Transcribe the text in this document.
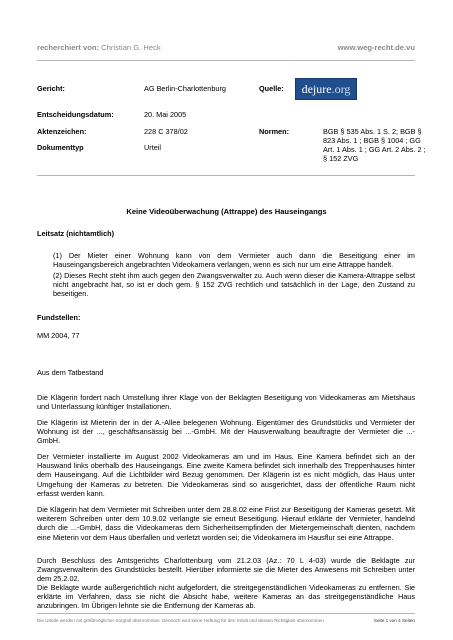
recherchiert von: Christian G. Heck	www.weg-recht.de.vu
Gericht:	AG Berlin-Charlottenburg	Quelle:	dejure.org
Entscheidungsdatum:	20. Mai 2005
Aktenzeichen:	228 C 378/02	Normen:	BGB § 535 Abs. 1 S. 2; BGB §
823 Abs. 1 ; BGB § 1004 ; GG
Art. 1 Abs. 1 ; GG Art. 2 Abs. 2 ;
§ 152 ZVG
Dokumenttyp	Urteil
Keine Videoüberwachung (Attrappe) des Hauseingangs
Leitsatz (nichtamtlich)
(1) Der Mieter einer Wohnung kann von dem Vermieter auch dann die Beseitigung einer im Hauseingangsbereich angebrachten Videokamera verlangen, wenn es sich nur um eine Attrappe handelt.
(2) Dieses Recht steht ihm auch gegen den Zwangsverwalter zu. Auch wenn dieser die Kamera-Attrappe selbst nicht angebracht hat, so ist er doch gem. § 152 ZVG rechtlich und tatsächlich in der Lage, den Zustand zu beseitigen.
Fundstellen:
MM 2004, 77
Aus dem Tatbestand
Die Klägerin fordert nach Umstellung ihrer Klage von der Beklagten Beseitigung von Videokameras am Mietshaus und Unterlassung künftiger Installationen.
Die Klägerin ist Mieterin der in der A.-Allee belegenen Wohnung. Eigentümer des Grundstücks und Vermieter der Wohnung ist der ..., geschäftsansässig bei ...-GmbH. Mit der Hausverwaltung beauftragte der Vermieter die ...-GmbH.
Der Vermieter installierte im August 2002 Videokameras am und im Haus. Eine Kamera befindet sich an der Hauswand links oberhalb des Hauseingangs. Eine zweite Kamera befindet sich innerhalb des Treppenhauses hinter dem Hauseingang. Auf die Lichtbilder wird Bezug genommen. Der Klägerin ist es nicht möglich, das Haus unter Umgehung der Kameras zu betreten. Die Videokameras sind so ausgerichtet, dass der öffentliche Raum nicht erfasst werden kann.
Die Klägerin hat dem Vermieter mit Schreiben unter dem 28.8.02 eine Frist zur Beseitigung der Kameras gesetzt. Mit weiterem Schreiben unter dem 10.9.02 verlangte sie erneut Beseitigung. Hierauf erklärte der Vermieter, handelnd durch die ...-GmbH, dass die Videokameras dem Sicherheitsempfinden der Mietergemeinschaft dienten, nachdem eine Mieterin vor dem Haus überfallen und verletzt worden sei; die Videokamera im Hausflur sei eine Attrappe.
Durch Beschluss des Amtsgerichts Charlottenburg vom 21.2.03 (Az.: 70 L 4-03) wurde die Beklagte zur Zwangsverwalterin des Grundstücks bestellt. Hierüber informierte sie die Mieter des Anwesens mit Schreiben unter dem 25.2.02.
Die Beklagte wurde außergerichtlich nicht aufgefordert, die streitgegenständlichen Videokameras zu entfernen. Sie erklärte im Verfahren, dass sie nicht die Absicht habe, weitere Kameras an das streitgegenständliche Haus anzubringen. Im Übrigen lehnte sie die Entfernung der Kameras ab.
Die Urteile werden mit größtmöglicher Sorgfalt übernommen. Dennoch wird keine Haftung für den Inhalt und dessen Richtigkeit übernommen	Seite 1 von 4 Seiten
